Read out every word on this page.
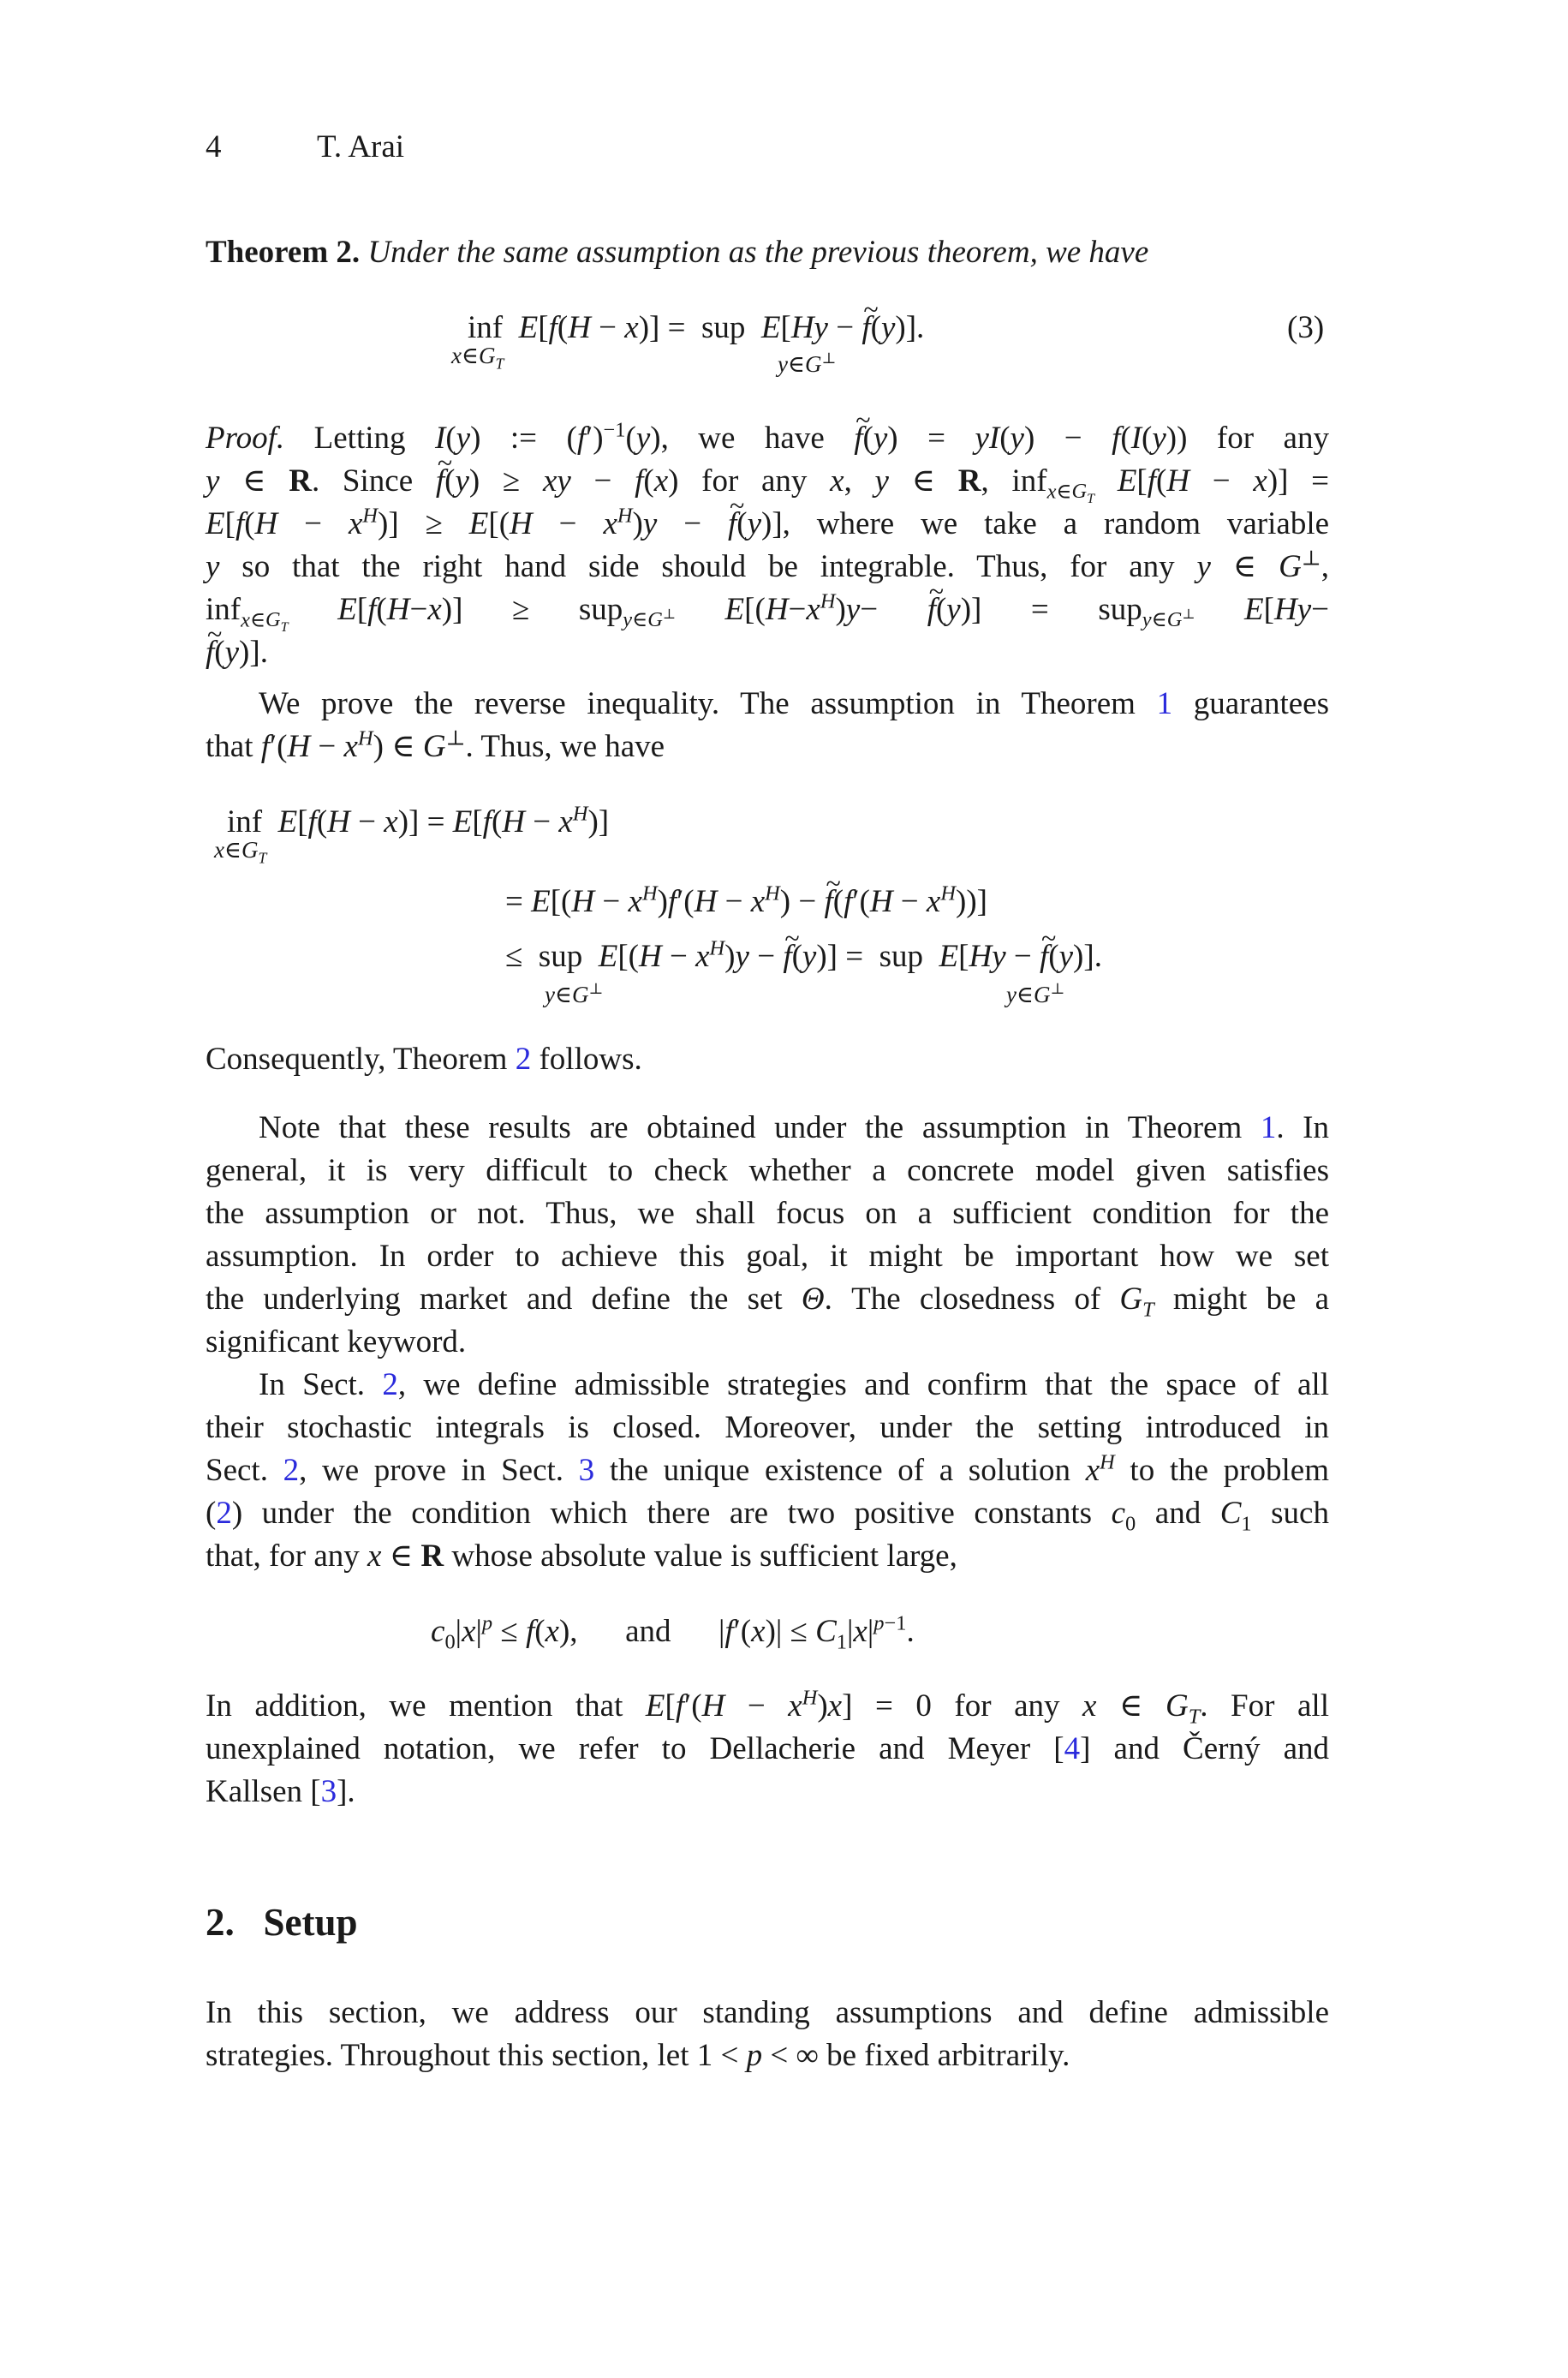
4	T. Arai
Theorem 2. Under the same assumption as the previous theorem, we have
inf E[f(H − x)] =  sup  E[Hy − ~ f(y)].
$x\in G_T$	y∈G⊥
(3)
Proof. Letting I(y) := $(f')^{-1}(y)$, we have ~ f(y) = yI(y) − f(I(y)) for any
y ∈ R. Since ~ f(y) ≥ xy − f(x) for any x, y ∈ R, inf$_{x\in G_T}$ E[f(H − x)] =
$E[f(H - x^H)] \ge E[(H - x^H)y$ − ~ f(y)], where we take a random variable
y so that the right hand side should be integrable. Thus, for any y ∈ G⊥,
inf$_{x\in G_T}$ E[f(H−x)] ≥ sup$_{y\in G^\perp}$ $E[(H-x^H)y-$ ~ f(y)] = sup$_{y\in G^\perp}$ E[Hy−
~ f(y)].
We prove the reverse inequality. The assumption in Theorem 1 guarantees
that $f'(H - x^H)$ ∈ G⊥. Thus, we have
inf  $E[f(H - x)] = E[f(H - x^H)]$
$x\in G_T$
= $E[(H - x^H)f'(H - x^H)$ − ~ $f(f'(H - x^H))$]
≤  sup  $E[(H - x^H)y$ − ~ f(y)] =  sup  E[Hy − ~ f(y)].
y∈G⊥	y∈G⊥
Consequently, Theorem 2 follows.
Note that these results are obtained under the assumption in Theorem 1. In
general, it is very difficult to check whether a concrete model given satisfies
the assumption or not. Thus, we shall focus on a sufficient condition for the
assumption. In order to achieve this goal, it might be important how we set
the underlying market and define the set Θ. The closedness of $G_T$ might be a
significant keyword.
In Sect. 2, we define admissible strategies and confirm that the space of all
their stochastic integrals is closed. Moreover, under the setting introduced in
Sect. 2, we prove in Sect. 3 the unique existence of a solution $x^H$ to the problem
(2) under the condition which there are two positive constants $c_0$ and $C_1$ such
that, for any x ∈ R whose absolute value is sufficient large,
$c_0|x|^p \le f(x)$,      and      $|f'(x)| \le C_1|x|^{p-1}$.
In addition, we mention that $E[f'(H - x^H)x] = 0$ for any x ∈ $G_T$. For all
unexplained notation, we refer to Dellacherie and Meyer [4] and Černý and
Kallsen [3].
2.   Setup
In this section, we address our standing assumptions and define admissible
strategies. Throughout this section, let 1 < p < ∞ be fixed arbitrarily.
